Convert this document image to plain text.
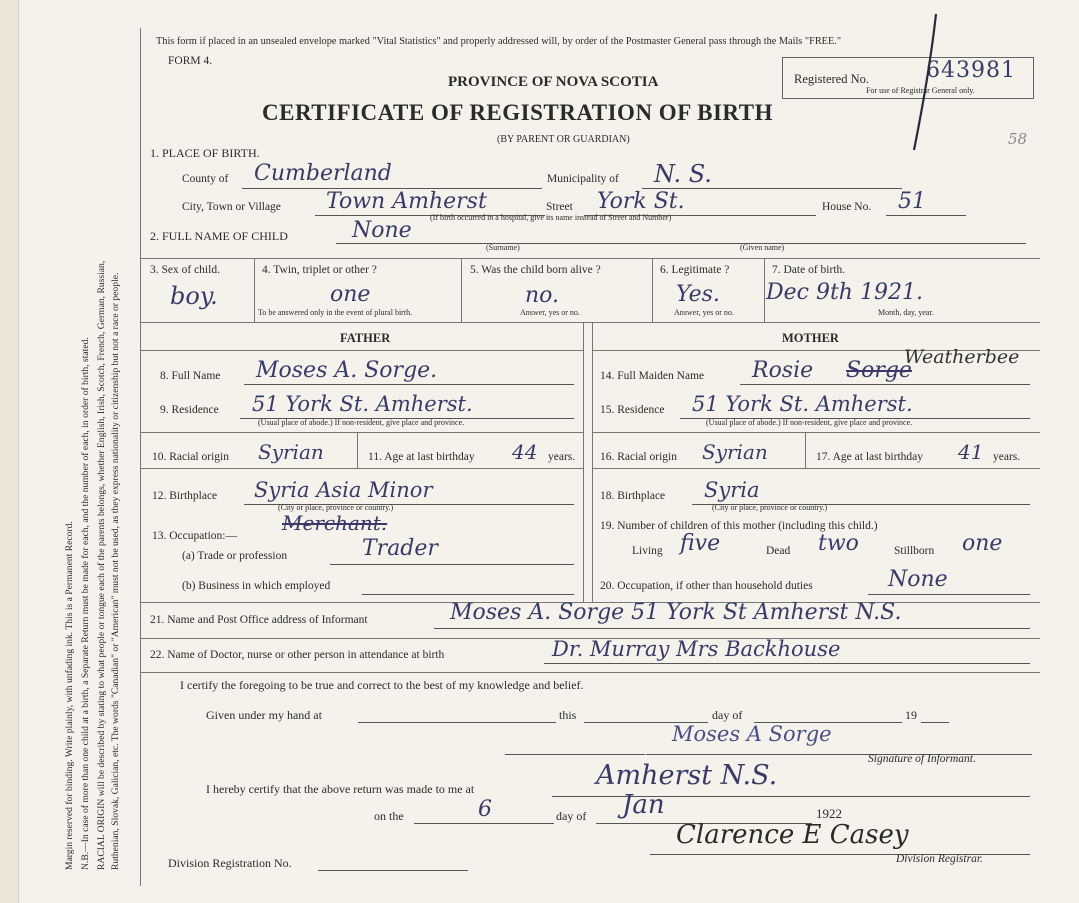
Margin reserved for binding. Write plainly, with unfading ink. This is a Permanent Record. N.B.—In case of more than one child at a birth, a Separate Return must be made for each, and the number of each, in order of birth, stated. RACIAL ORIGIN will be described by stating to what people or tongue each of the parents belongs, whether English, Irish, Scotch, French, German, Russian, Ruthenian, Slovak, Galician, etc. The words "Canadian" or "American" must not be used, as they express nationality or citizenship but not a race or people.
This form if placed in an unsealed envelope marked "Vital Statistics" and properly addressed will, by order of the Postmaster General pass through the Mails "FREE."
FORM 4.
PROVINCE OF NOVA SCOTIA
CERTIFICATE OF REGISTRATION OF BIRTH
(BY PARENT OR GUARDIAN)
Registered No.	643981
For use of Registrar General only.
58
1. PLACE OF BIRTH.
County of Cumberland	Municipality of N. S.
City, Town or Village Town Amherst	Street York St.
(If birth occurred in a hospital, give its name instead of Street and Number)
House No. 51
2. FULL NAME OF CHILD	None
(Surname)	(Given name)
3. Sex of child.
boy.
4. Twin, triplet or other ?
one
To be answered only in the event of plural birth.
5. Was the child born alive ?
no.
Answer, yes or no.
6. Legitimate ?
Yes.
Answer, yes or no.
7. Date of birth.
Dec 9th 1921.
Month, day, year.
FATHER	MOTHER
8. Full Name Moses A. Sorge.
9. Residence 51 York St. Amherst.
(Usual place of abode.) If non-resident, give place and province.
10. Racial origin Syrian	11. Age at last birthday 44 years.
12. Birthplace Syria Asia Minor
(City or place, province or country.)
13. Occupation:—
Merchant.
(a) Trade or profession	Trader
(b) Business in which employed
14. Full Maiden Name Rosie Sorge
Weatherbee
15. Residence 51 York St. Amherst.
(Usual place of abode.) If non-resident, give place and province.
16. Racial origin Syrian	17. Age at last birthday 41 years.
18. Birthplace Syria
(City or place, province or country.)
19. Number of children of this mother (including this child.)
Living five	Dead two	Stillborn one
20. Occupation, if other than household duties	None
21. Name and Post Office address of Informant	Moses A. Sorge 51 York St Amherst N.S.
22. Name of Doctor, nurse or other person in attendance at birth	Dr. Murray Mrs Backhouse
I certify the foregoing to be true and correct to the best of my knowledge and belief.
Given under my hand at	this	day of	19
Moses A Sorge
Signature of Informant.
I hereby certify that the above return was made to me at	Amherst N.S.
on the	6	day of Jan	1922
Division Registration No.
Clarence E Casey
Division Registrar.
